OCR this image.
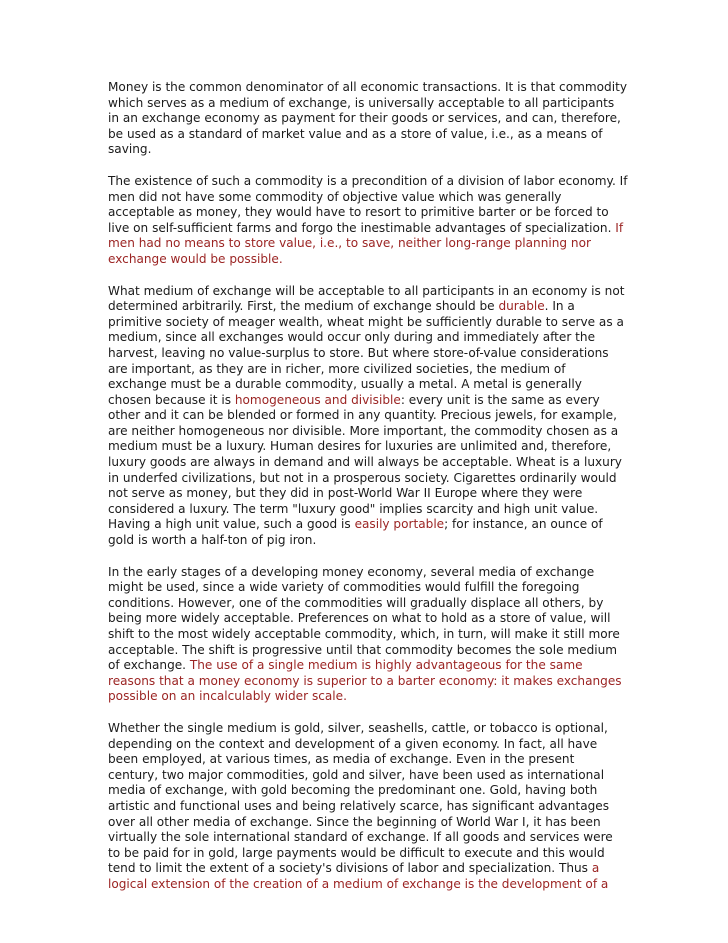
Money is the common denominator of all economic transactions. It is that commodity which serves as a medium of exchange, is universally acceptable to all participants in an exchange economy as payment for their goods or services, and can, therefore, be used as a standard of market value and as a store of value, i.e., as a means of saving.

The existence of such a commodity is a precondition of a division of labor economy. If men did not have some commodity of objective value which was generally acceptable as money, they would have to resort to primitive barter or be forced to live on self-sufficient farms and forgo the inestimable advantages of specialization. If men had no means to store value, i.e., to save, neither long-range planning nor exchange would be possible.

What medium of exchange will be acceptable to all participants in an economy is not determined arbitrarily. First, the medium of exchange should be durable. In a primitive society of meager wealth, wheat might be sufficiently durable to serve as a medium, since all exchanges would occur only during and immediately after the harvest, leaving no value-surplus to store. But where store-of-value considerations are important, as they are in richer, more civilized societies, the medium of exchange must be a durable commodity, usually a metal. A metal is generally chosen because it is homogeneous and divisible: every unit is the same as every other and it can be blended or formed in any quantity. Precious jewels, for example, are neither homogeneous nor divisible. More important, the commodity chosen as a medium must be a luxury. Human desires for luxuries are unlimited and, therefore, luxury goods are always in demand and will always be acceptable. Wheat is a luxury in underfed civilizations, but not in a prosperous society. Cigarettes ordinarily would not serve as money, but they did in post-World War II Europe where they were considered a luxury. The term "luxury good" implies scarcity and high unit value. Having a high unit value, such a good is easily portable; for instance, an ounce of gold is worth a half-ton of pig iron.

In the early stages of a developing money economy, several media of exchange might be used, since a wide variety of commodities would fulfill the foregoing conditions. However, one of the commodities will gradually displace all others, by being more widely acceptable. Preferences on what to hold as a store of value, will shift to the most widely acceptable commodity, which, in turn, will make it still more acceptable. The shift is progressive until that commodity becomes the sole medium of exchange. The use of a single medium is highly advantageous for the same reasons that a money economy is superior to a barter economy: it makes exchanges possible on an incalculably wider scale.

Whether the single medium is gold, silver, seashells, cattle, or tobacco is optional, depending on the context and development of a given economy. In fact, all have been employed, at various times, as media of exchange. Even in the present century, two major commodities, gold and silver, have been used as international media of exchange, with gold becoming the predominant one. Gold, having both artistic and functional uses and being relatively scarce, has significant advantages over all other media of exchange. Since the beginning of World War I, it has been virtually the sole international standard of exchange. If all goods and services were to be paid for in gold, large payments would be difficult to execute and this would tend to limit the extent of a society's divisions of labor and specialization. Thus a logical extension of the creation of a medium of exchange is the development of a
